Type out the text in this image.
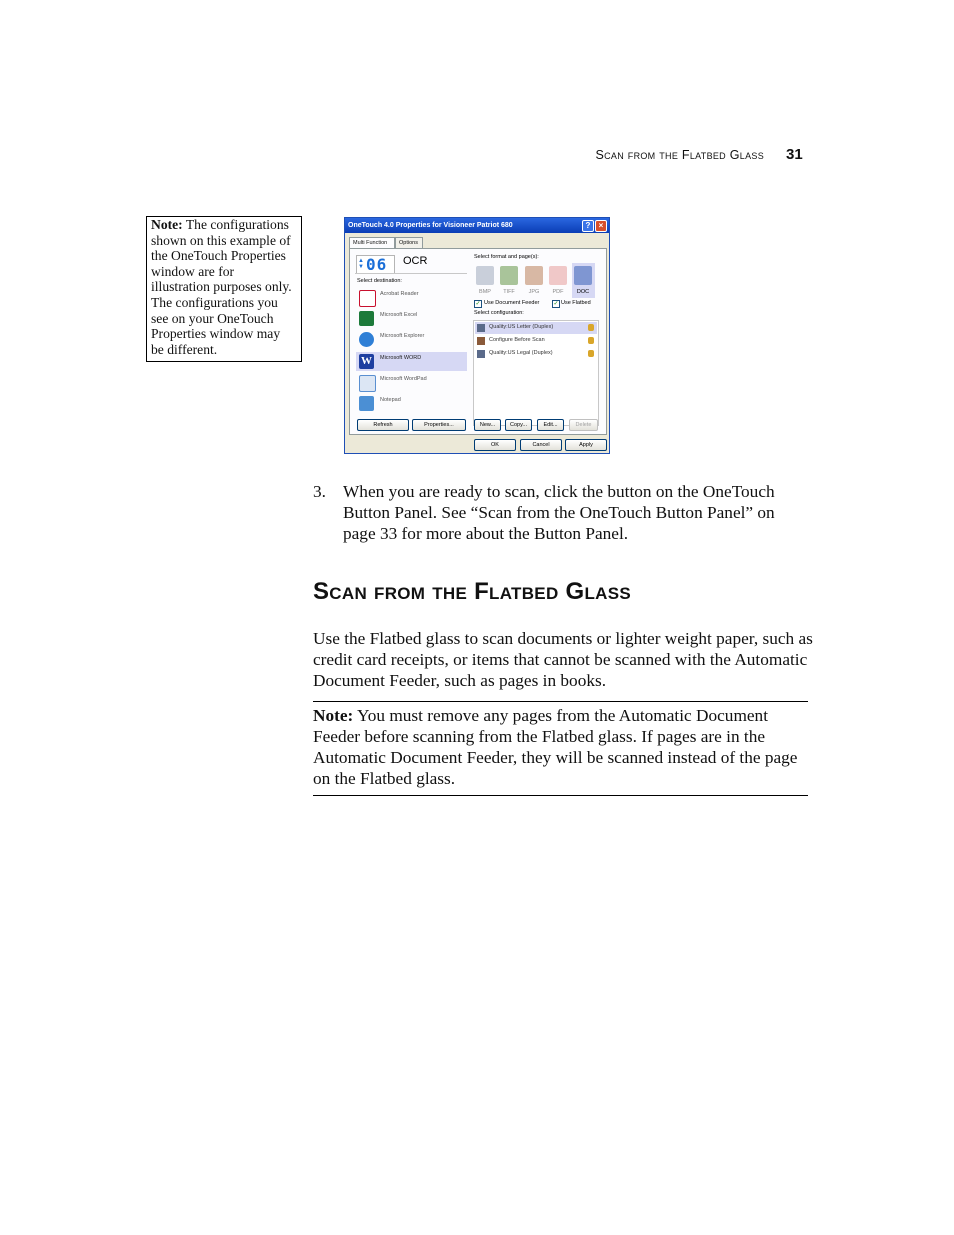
Scan from the Flatbed Glass 31
Note: The configurations shown on this example of the OneTouch Properties window are for illustration purposes only. The configurations you see on your OneTouch Properties window may be different.
OneTouch 4.0 Properties for Visioneer Patriot 680	?	×
Multi Function	Options
▲
▼ 06 OCR
Select destination:
Acrobat Reader
Microsoft Excel
Microsoft Explorer
W	Microsoft WORD
Microsoft WordPad
Notepad
Select format and page(s):
BMP	TIFF	JPG	PDF	DOC
✓ Use Document Feeder ✓ Use Flatbed
Select configuration:
Quality:US Letter (Duplex)
Configure Before Scan
Quality:US Legal (Duplex)
Refresh	Properties...	New...	Copy...	Edit...	Delete
OK	Cancel	Apply
3. When you are ready to scan, click the button on the OneTouch Button Panel. See “Scan from the OneTouch Button Panel” on page 33 for more about the Button Panel.
Scan from the Flatbed Glass
Use the Flatbed glass to scan documents or lighter weight paper, such as credit card receipts, or items that cannot be scanned with the Automatic Document Feeder, such as pages in books.
Note: You must remove any pages from the Automatic Document Feeder before scanning from the Flatbed glass. If pages are in the Automatic Document Feeder, they will be scanned instead of the page on the Flatbed glass.
